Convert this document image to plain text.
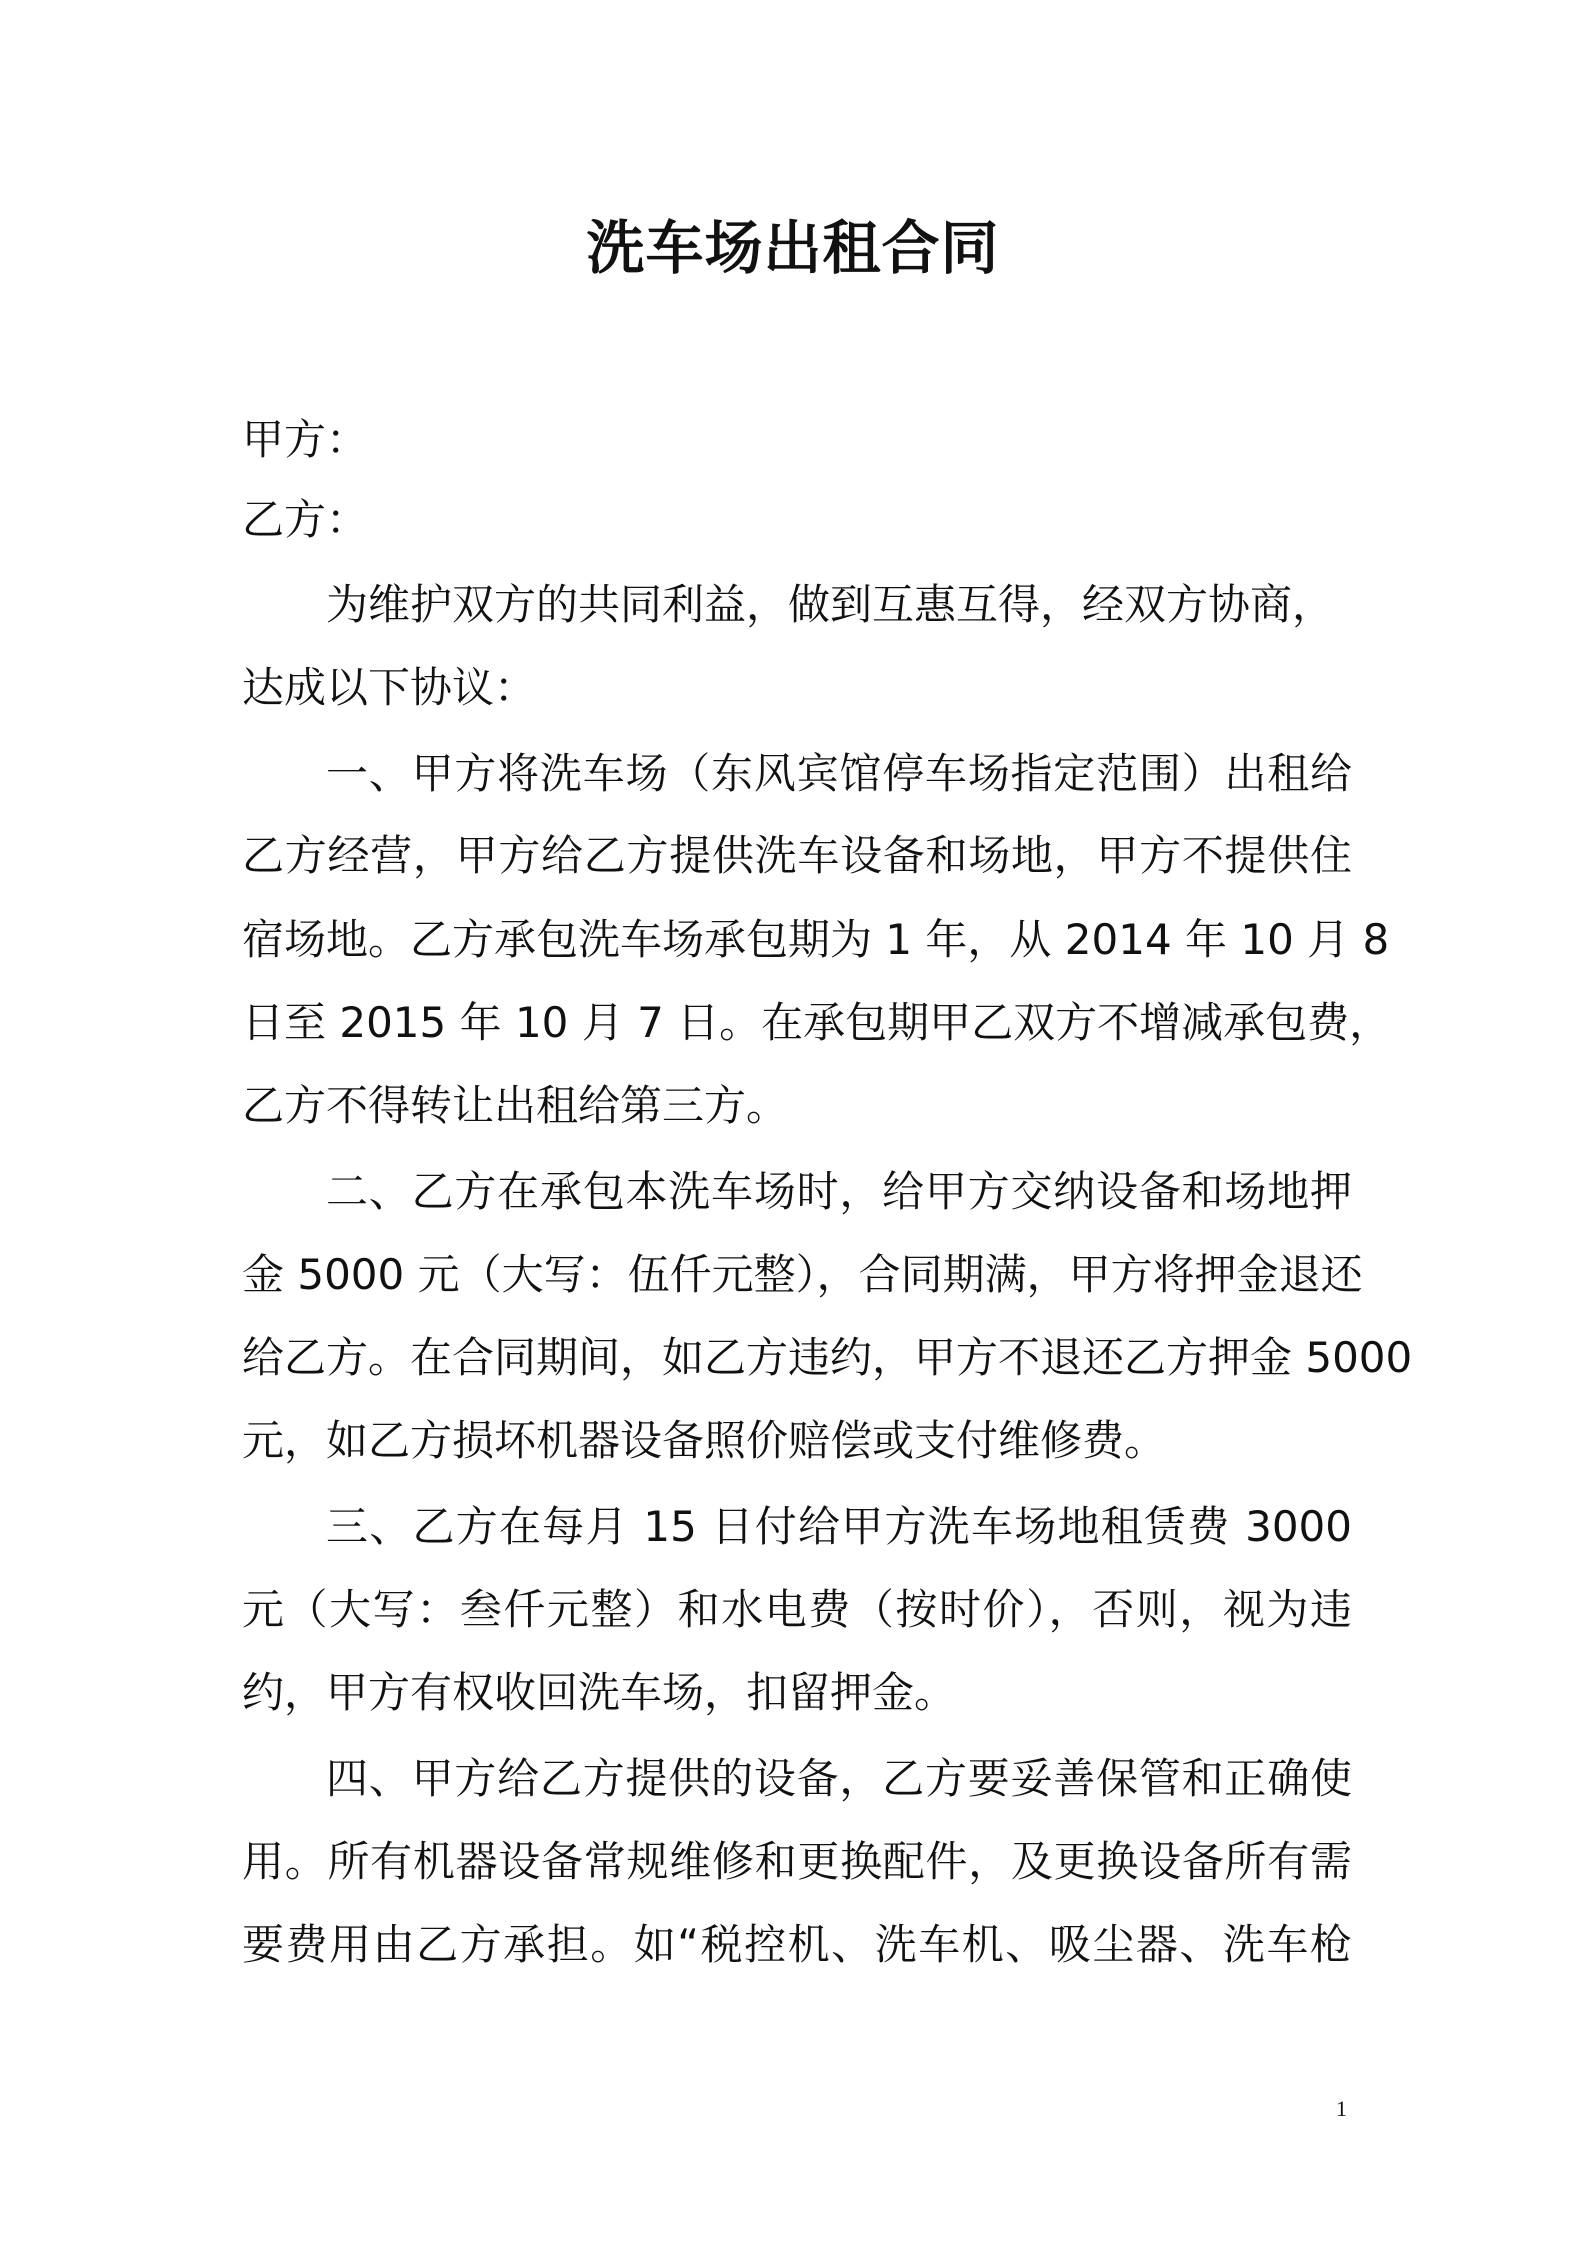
洗车场出租合同

甲方：

乙方：

为维护双方的共同利益，做到互惠互得，经双方协商，

达成以下协议：

一、甲方将洗车场（东风宾馆停车场指定范围）出租给

乙方经营，甲方给乙方提供洗车设备和场地，甲方不提供住

宿场地。乙方承包洗车场承包期为 1 年，从 2014 年 10 月 8

日至 2015 年 10 月 7 日。在承包期甲乙双方不增减承包费，

乙方不得转让出租给第三方。

二、乙方在承包本洗车场时，给甲方交纳设备和场地押

金 5000 元（大写：伍仟元整），合同期满，甲方将押金退还

给乙方。在合同期间，如乙方违约，甲方不退还乙方押金 5000

元，如乙方损坏机器设备照价赔偿或支付维修费。

三、乙方在每月 15 日付给甲方洗车场地租赁费 3000

元（大写：叁仟元整）和水电费（按时价），否则，视为违

约，甲方有权收回洗车场，扣留押金。

四、甲方给乙方提供的设备，乙方要妥善保管和正确使

用。所有机器设备常规维修和更换配件，及更换设备所有需

要费用由乙方承担。如“税控机、洗车机、吸尘器、洗车枪

1
